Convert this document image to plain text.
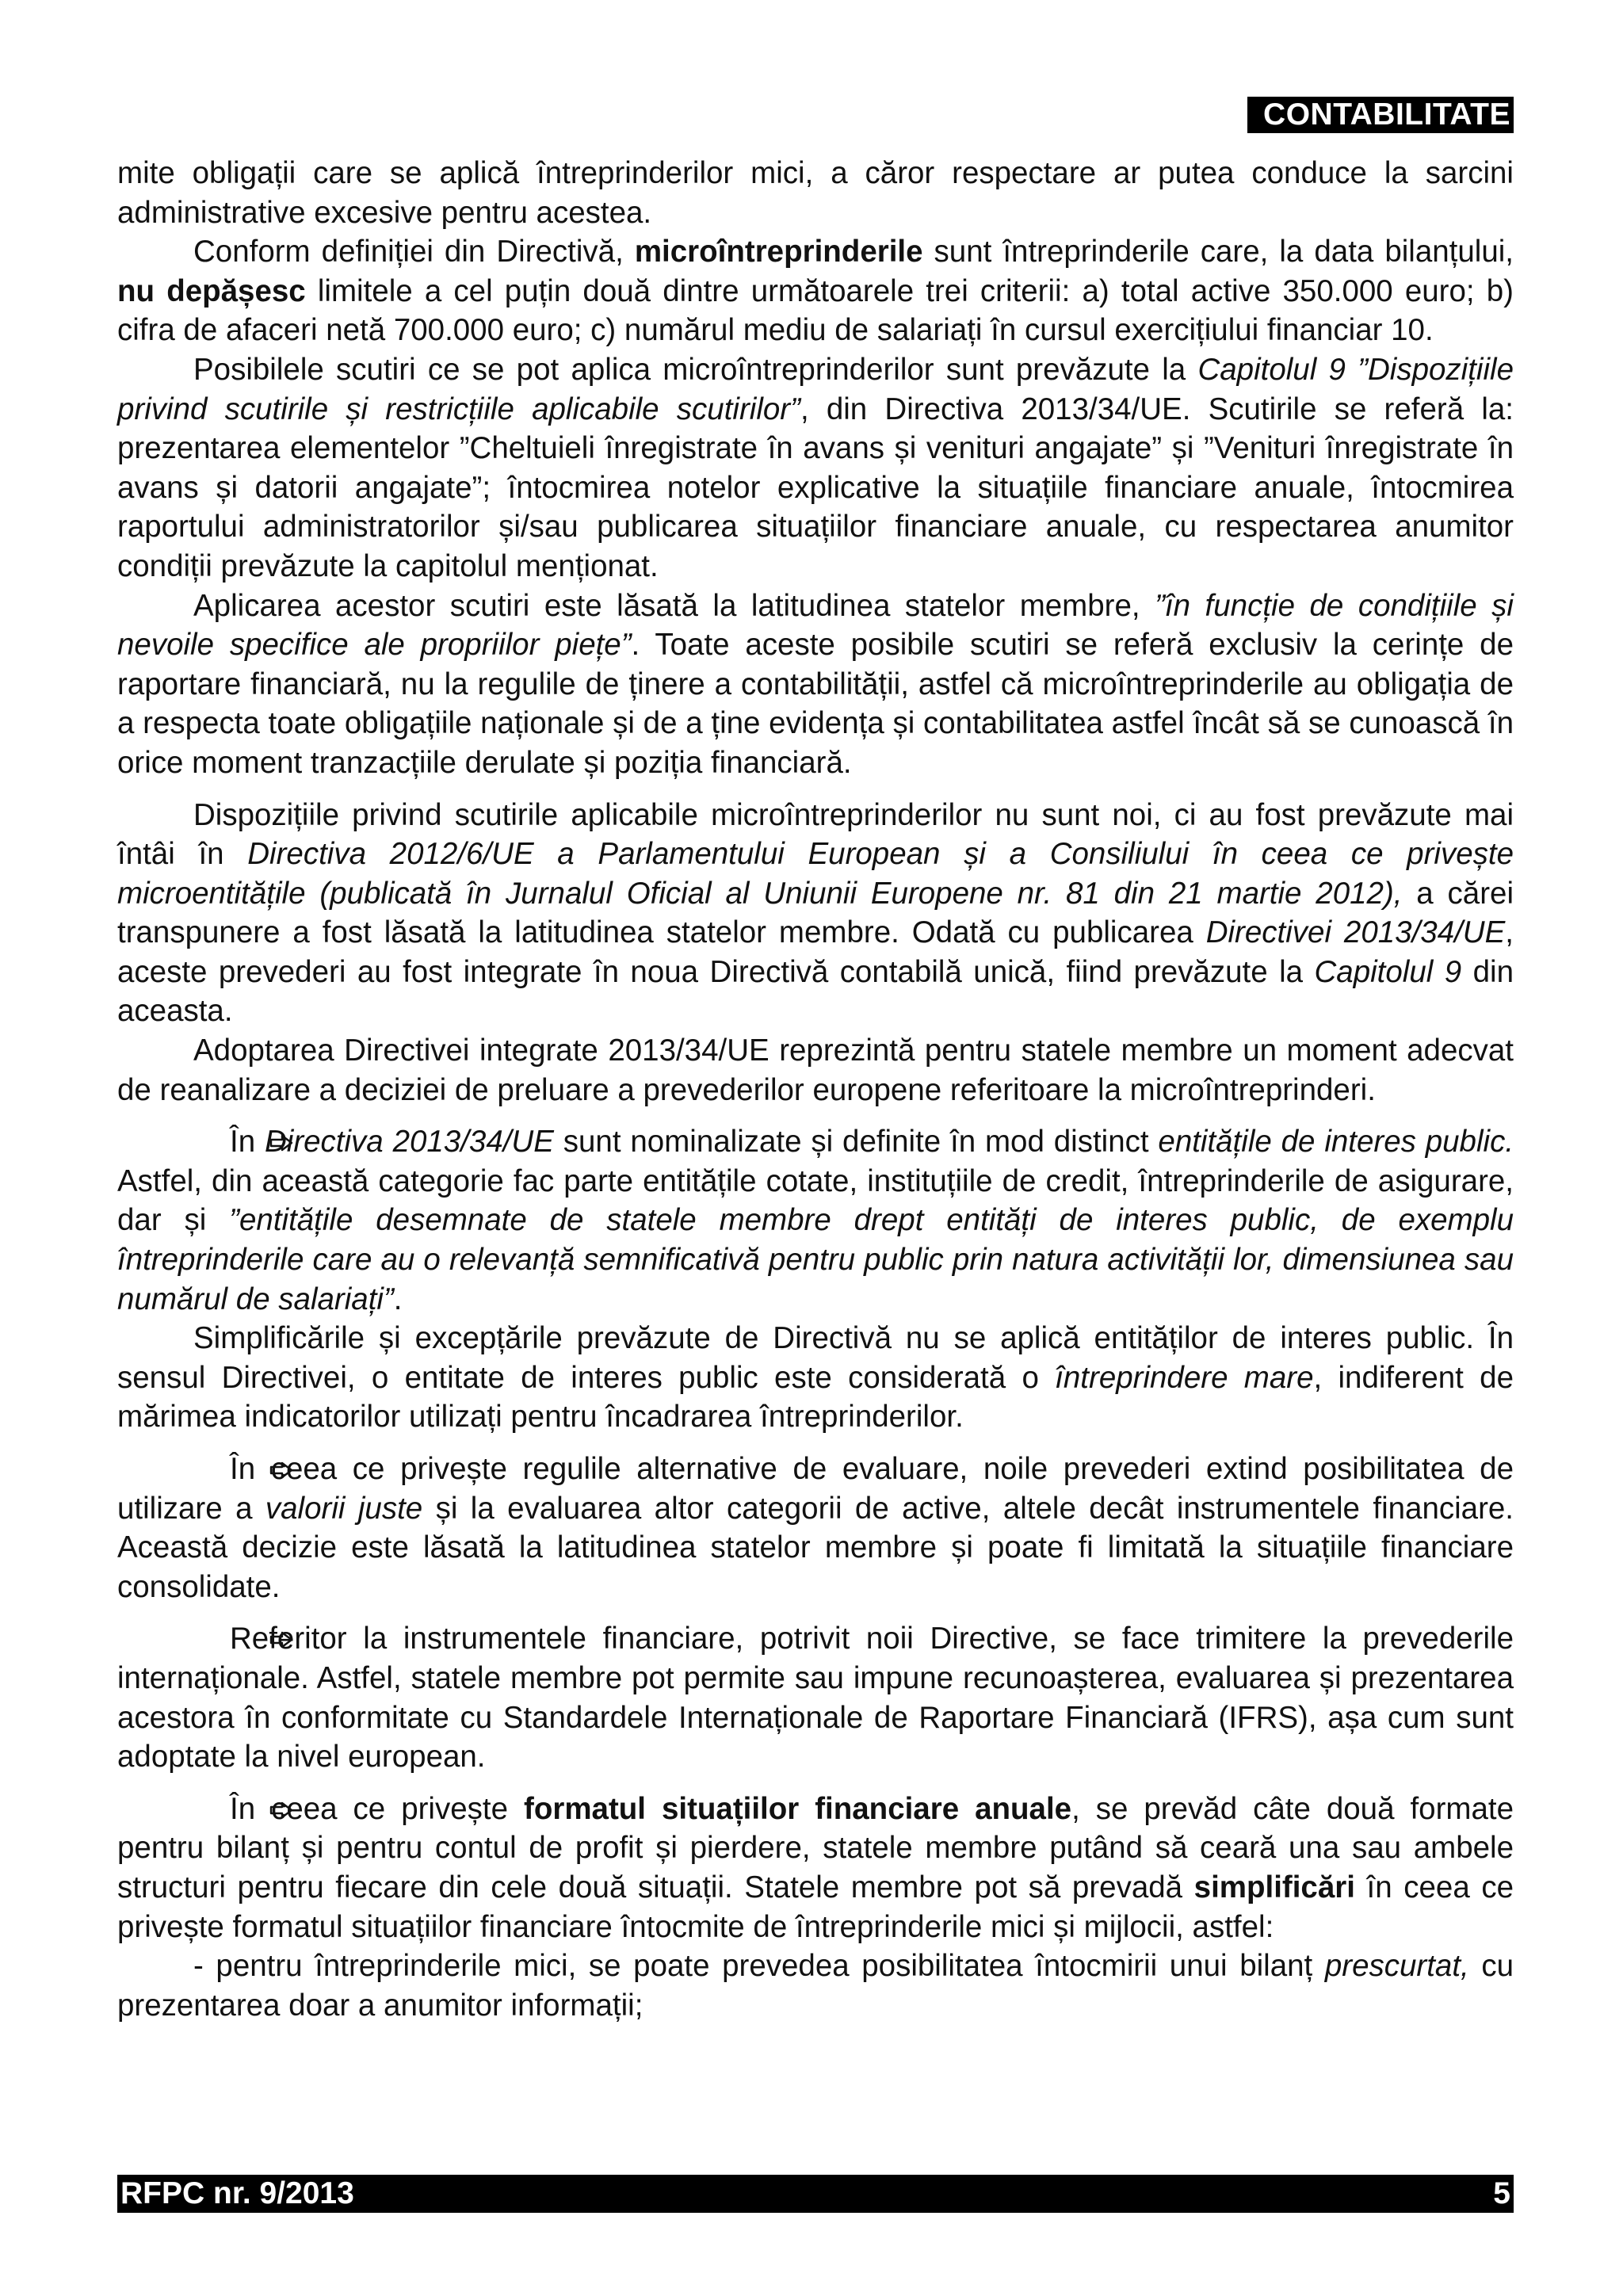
CONTABILITATE

mite obligații care se aplică întreprinderilor mici, a căror respectare ar putea conduce la sarcini administrative excesive pentru acestea.

Conform definiției din Directivă, microîntreprinderile sunt întreprinderile care, la data bilanțului, nu depășesc limitele a cel puțin două dintre următoarele trei criterii: a) total active 350.000 euro; b) cifra de afaceri netă 700.000 euro; c) numărul mediu de salariați în cursul exercițiului financiar 10.

Posibilele scutiri ce se pot aplica microîntreprinderilor sunt prevăzute la Capitolul 9 ”Dispozițiile privind scutirile și restricțiile aplicabile scutirilor”, din Directiva 2013/34/UE. Scutirile se referă la: prezentarea elementelor ”Cheltuieli înregistrate în avans și venituri angajate” și ”Venituri înregistrate în avans și datorii angajate”; întocmirea notelor explicative la situațiile financiare anuale, întocmirea raportului administratorilor și/sau publicarea situațiilor financiare anuale, cu respectarea anumitor condiții prevăzute la capitolul menționat.

Aplicarea acestor scutiri este lăsată la latitudinea statelor membre, ”în funcție de condițiile și nevoile specifice ale propriilor piețe”. Toate aceste posibile scutiri se referă exclusiv la cerințe de raportare financiară, nu la regulile de ținere a contabilității, astfel că microîntreprinderile au obligația de a respecta toate obligațiile naționale și de a ține evidența și contabilitatea astfel încât să se cunoască în orice moment tranzacțiile derulate și poziția financiară.

Dispozițiile privind scutirile aplicabile microîntreprinderilor nu sunt noi, ci au fost prevăzute mai întâi în Directiva 2012/6/UE a Parlamentului European și a Consiliului în ceea ce privește microentitățile (publicată în Jurnalul Oficial al Uniunii Europene nr. 81 din 21 martie 2012), a cărei transpunere a fost lăsată la latitudinea statelor membre. Odată cu publicarea Directivei 2013/34/UE, aceste prevederi au fost integrate în noua Directivă contabilă unică, fiind prevăzute la Capitolul 9 din aceasta.

Adoptarea Directivei integrate 2013/34/UE reprezintă pentru statele membre un moment adecvat de reanalizare a deciziei de preluare a prevederilor europene referitoare la microîntreprinderi.

În Directiva 2013/34/UE sunt nominalizate și definite în mod distinct entitățile de interes public. Astfel, din această categorie fac parte entitățile cotate, instituțiile de credit, întreprinderile de asigurare, dar și ”entitățile desemnate de statele membre drept entități de interes public, de exemplu întreprinderile care au o relevanță semnificativă pentru public prin natura activității lor, dimensiunea sau numărul de salariați”.

Simplificările și excepțările prevăzute de Directivă nu se aplică entităților de interes public. În sensul Directivei, o entitate de interes public este considerată o întreprindere mare, indiferent de mărimea indicatorilor utilizați pentru încadrarea întreprinderilor.

În ceea ce privește regulile alternative de evaluare, noile prevederi extind posibilitatea de utilizare a valorii juste și la evaluarea altor categorii de active, altele decât instrumentele financiare. Această decizie este lăsată la latitudinea statelor membre și poate fi limitată la situațiile financiare consolidate.

Referitor la instrumentele financiare, potrivit noii Directive, se face trimitere la prevederile internaționale. Astfel, statele membre pot permite sau impune recunoașterea, evaluarea și prezentarea acestora în conformitate cu Standardele Internaționale de Raportare Financiară (IFRS), așa cum sunt adoptate la nivel european.

În ceea ce privește formatul situațiilor financiare anuale, se prevăd câte două formate pentru bilanț și pentru contul de profit și pierdere, statele membre putând să ceară una sau ambele structuri pentru fiecare din cele două situații. Statele membre pot să prevadă simplificări în ceea ce privește formatul situațiilor financiare întocmite de întreprinderile mici și mijlocii, astfel:

- pentru întreprinderile mici, se poate prevedea posibilitatea întocmirii unui bilanț prescurtat, cu prezentarea doar a anumitor informații;

RFPC nr. 9/2013	5
